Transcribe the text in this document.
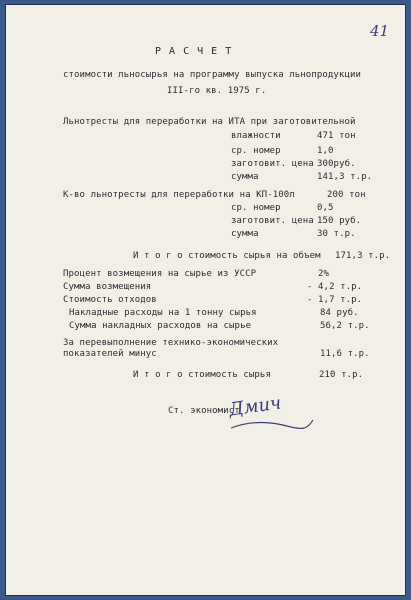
41
Р А С Ч Е Т
стоимости льносырья на программу выпуска льнопродукции
III-го кв. 1975 г.
Льнотресты для переработки на ИТА при заготовительной
влажности	471 тон
ср. номер	1,0
заготовит. цена 300руб.
сумма	141,3 т.р.
К-во льнотресты для переработки на КП-100л	200 тон
ср. номер	0,5
заготовит. цена 150 руб.
сумма	30 т.р.
И т о г о стоимость сырья на объем 171,3 т.р.
Процент возмещения на сырье из УССР	2%
Сумма возмещения	- 4,2 т.р.
Стоимость отходов	- 1,7 т.р.
Накладные расходы на 1 тонну сырья	84 руб.
Сумма накладных расходов на сырье	56,2 т.р.
За перевыполнение технико-экономических
показателей минус	11,6 т.р.
И т о г о стоимость сырья	210 т.р.
Ст. экономист
Дмич
